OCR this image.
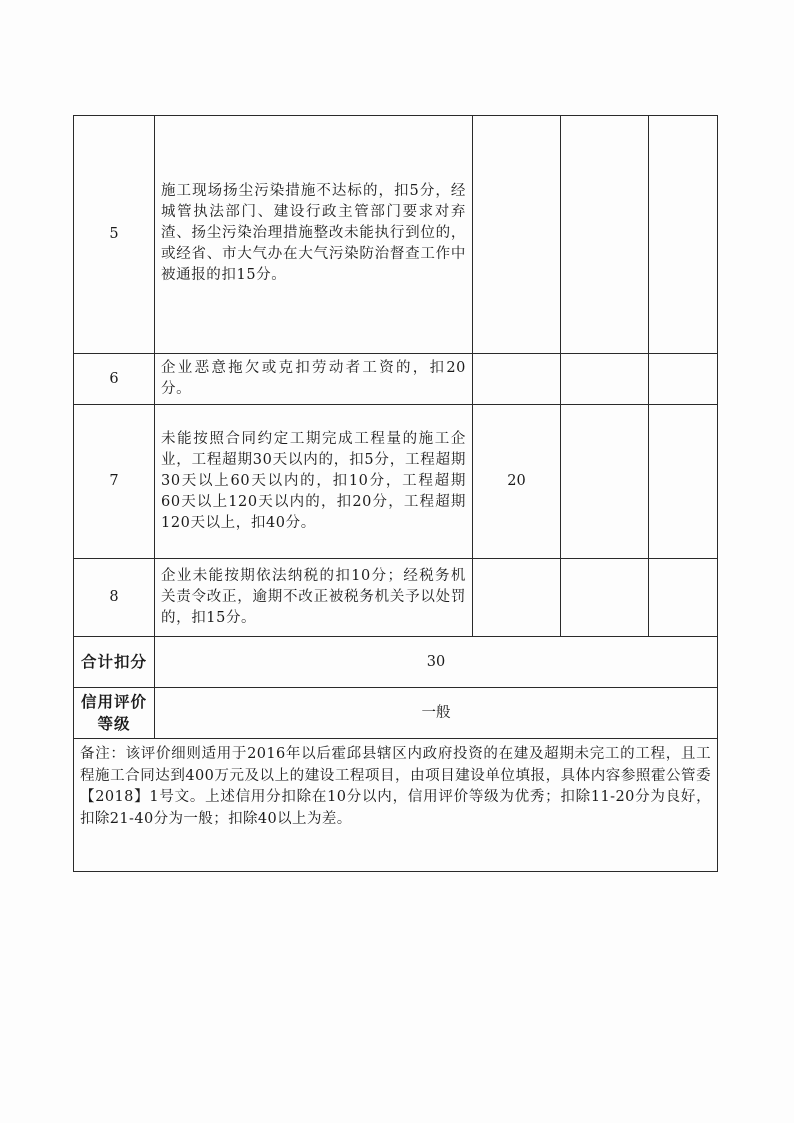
5	施工现场扬尘污染措施不达标的，扣5分，经城管执法部门、建设行政主管部门要求对弃渣、扬尘污染治理措施整改未能执行到位的，或经省、市大气办在大气污染防治督查工作中被通报的扣15分。			

6	企业恶意拖欠或克扣劳动者工资的，扣20分。			
7	未能按照合同约定工期完成工程量的施工企业，工程超期30天以内的，扣5分，工程超期30天以上60天以内的，扣10分，工程超期60天以上120天以内的，扣20分，工程超期120天以上，扣40分。	20		
8	企业未能按期依法纳税的扣10分；经税务机关责令改正，逾期不改正被税务机关予以处罚的，扣15分。			
合计扣分	30			
信用评价等级	一般			
备注：该评价细则适用于2016年以后霍邱县辖区内政府投资的在建及超期未完工的工程，且工程施工合同达到400万元及以上的建设工程项目，由项目建设单位填报，具体内容参照霍公管委【2018】1号文。上述信用分扣除在10分以内，信用评价等级为优秀；扣除11-20分为良好，扣除21-40分为一般；扣除40以上为差。				
